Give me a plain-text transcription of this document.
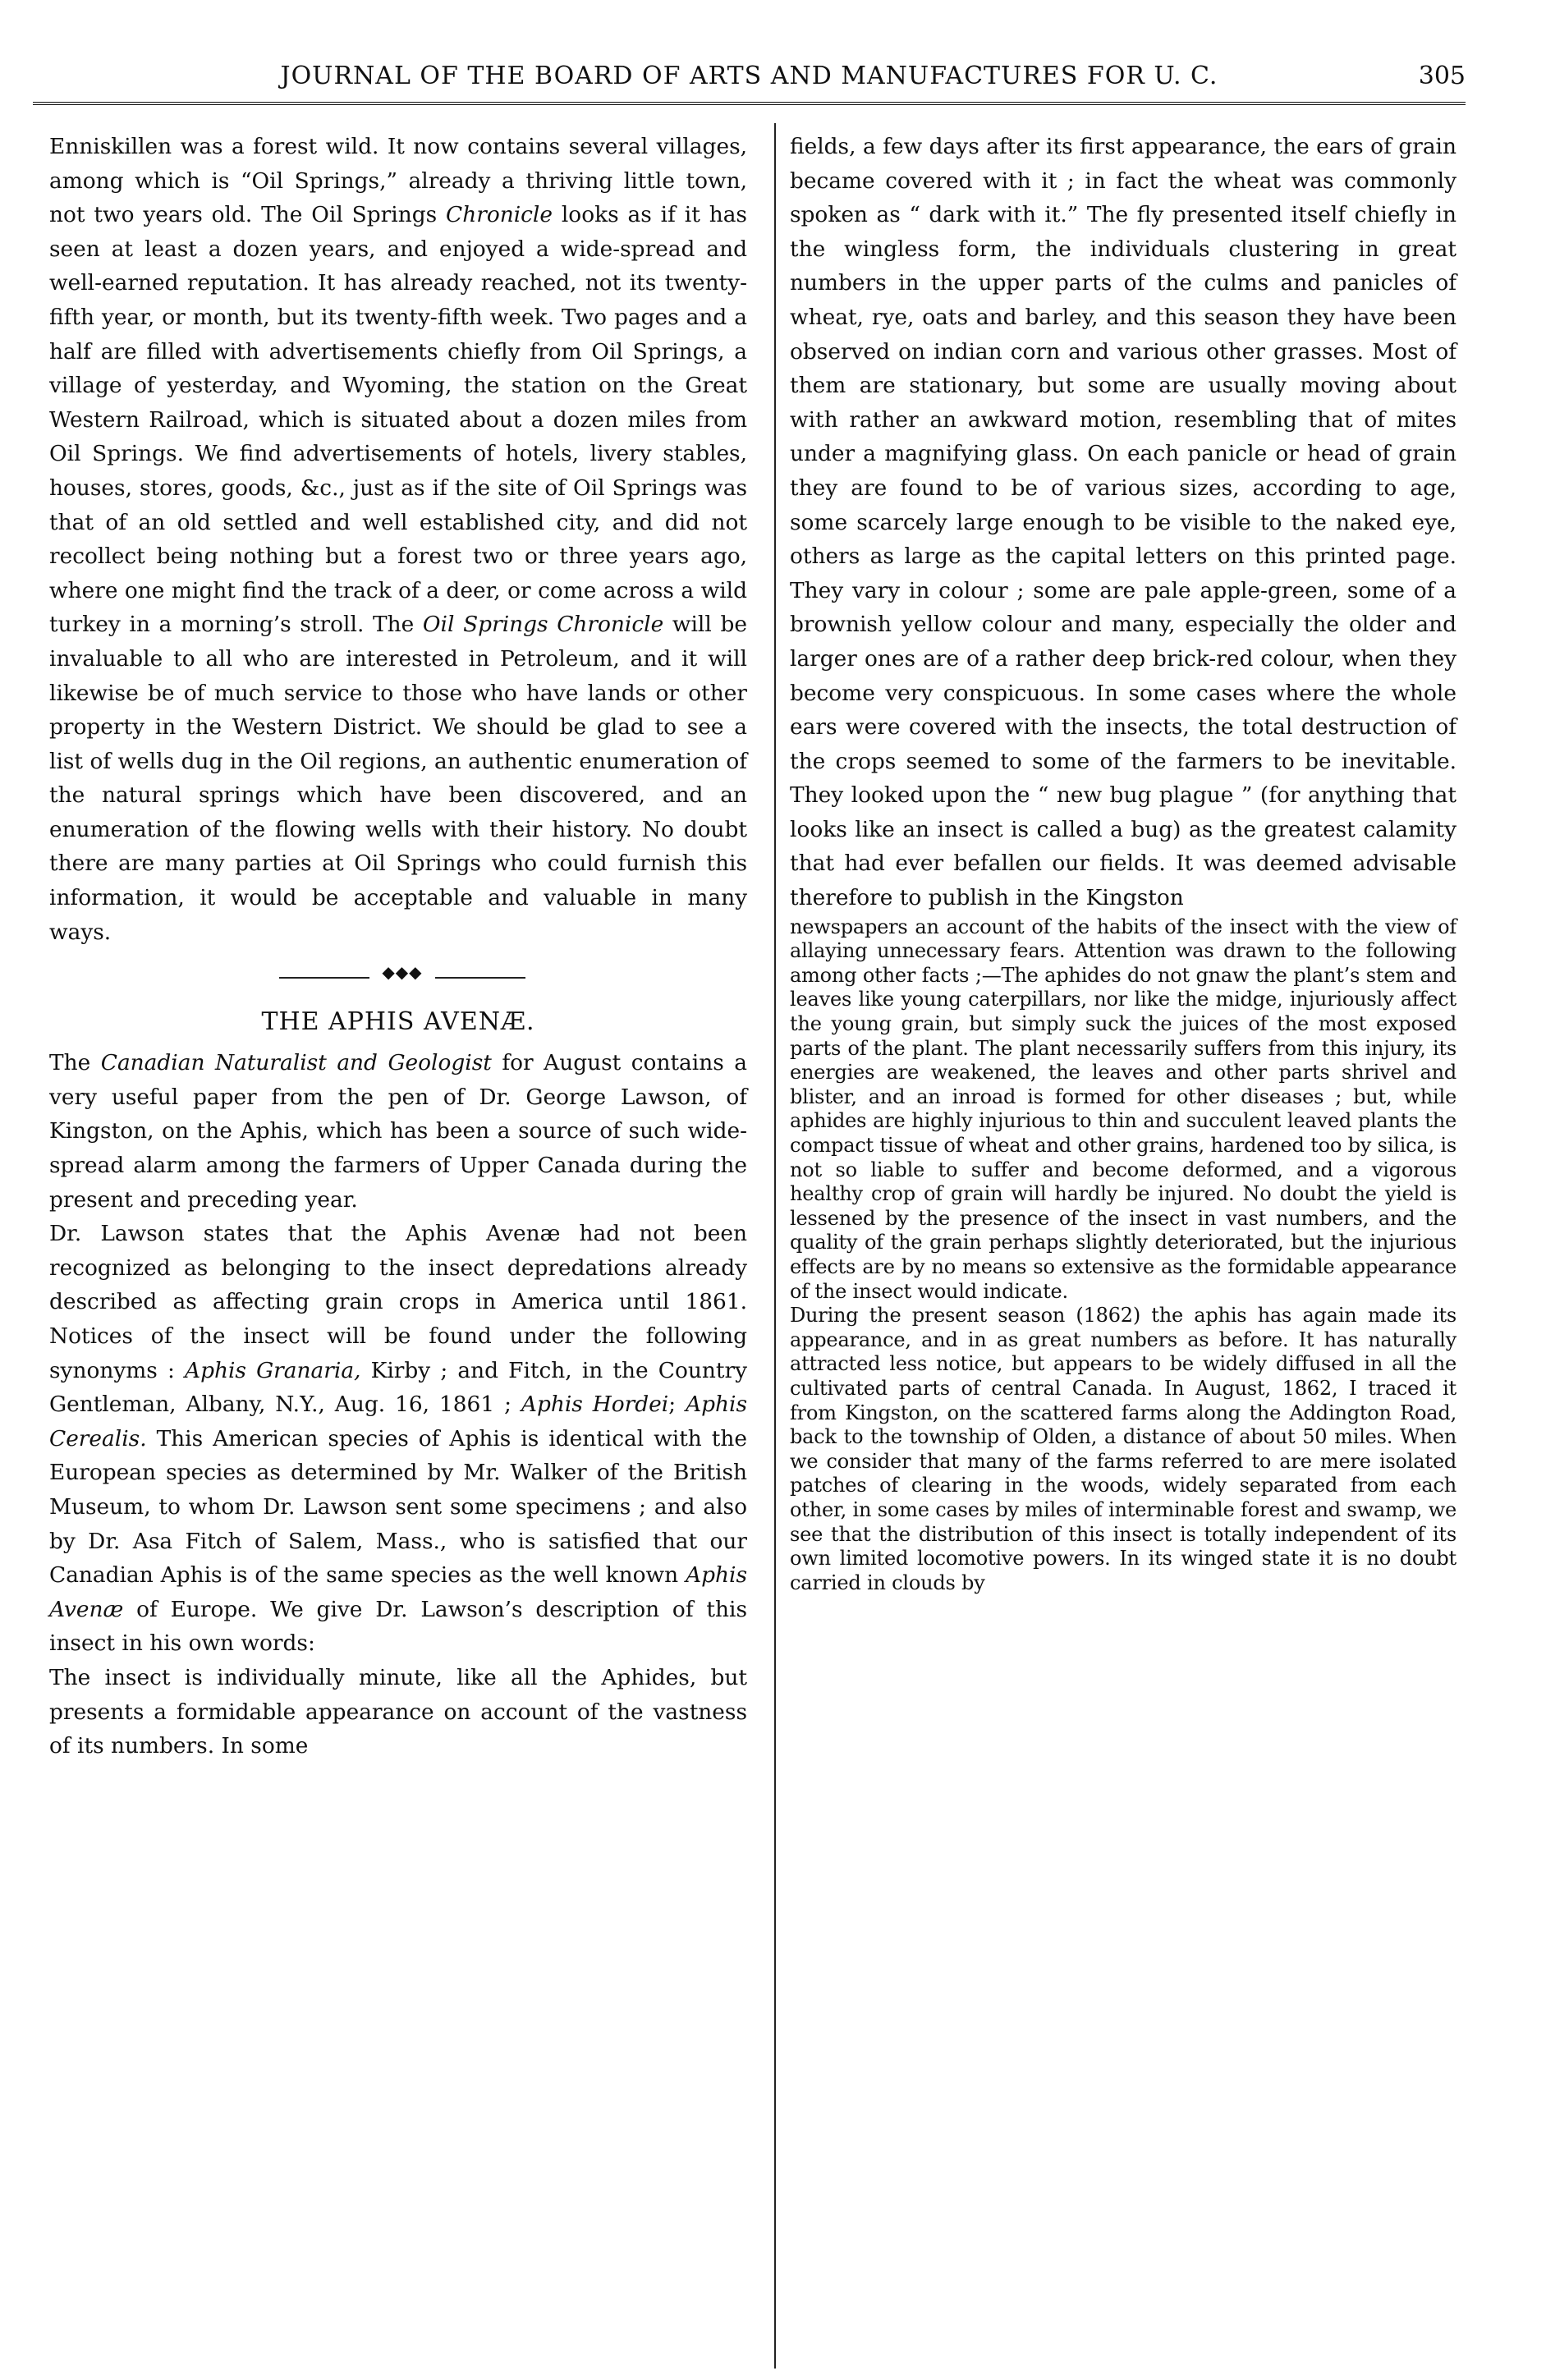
JOURNAL OF THE BOARD OF ARTS AND MANUFACTURES FOR U. C.	305

Enniskillen was a forest wild. It now contains several villages, among which is “Oil Springs,” already a thriving little town, not two years old. The Oil Springs Chronicle looks as if it has seen at least a dozen years, and enjoyed a wide-spread and well-earned reputation. It has already reached, not its twenty-fifth year, or month, but its twenty-fifth week. Two pages and a half are filled with advertisements chiefly from Oil Springs, a village of yesterday, and Wyoming, the station on the Great Western Railroad, which is situated about a dozen miles from Oil Springs. We find advertisements of hotels, livery stables, houses, stores, goods, &c., just as if the site of Oil Springs was that of an old settled and well established city, and did not recollect being nothing but a forest two or three years ago, where one might find the track of a deer, or come across a wild turkey in a morning’s stroll. The Oil Springs Chronicle will be invaluable to all who are interested in Petroleum, and it will likewise be of much service to those who have lands or other property in the Western District. We should be glad to see a list of wells dug in the Oil regions, an authentic enumeration of the natural springs which have been discovered, and an enumeration of the flowing wells with their history. No doubt there are many parties at Oil Springs who could furnish this information, it would be acceptable and valuable in many ways.

◆◆◆
THE APHIS AVENÆ.

The Canadian Naturalist and Geologist for August contains a very useful paper from the pen of Dr. George Lawson, of Kingston, on the Aphis, which has been a source of such wide-spread alarm among the farmers of Upper Canada during the present and preceding year.

Dr. Lawson states that the Aphis Avenæ had not been recognized as belonging to the insect depredations already described as affecting grain crops in America until 1861. Notices of the insect will be found under the following synonyms : Aphis Granaria, Kirby ; and Fitch, in the Country Gentleman, Albany, N.Y., Aug. 16, 1861 ; Aphis Hordei; Aphis Cerealis. This American species of Aphis is identical with the European species as determined by Mr. Walker of the British Museum, to whom Dr. Lawson sent some specimens ; and also by Dr. Asa Fitch of Salem, Mass., who is satisfied that our Canadian Aphis is of the same species as the well known Aphis Avenæ of Europe. We give Dr. Lawson’s description of this insect in his own words:

The insect is individually minute, like all the Aphides, but presents a formidable appearance on account of the vastness of its numbers. In some

fields, a few days after its first appearance, the ears of grain became covered with it ; in fact the wheat was commonly spoken as “ dark with it.” The fly presented itself chiefly in the wingless form, the individuals clustering in great numbers in the upper parts of the culms and panicles of wheat, rye, oats and barley, and this season they have been observed on indian corn and various other grasses. Most of them are stationary, but some are usually moving about with rather an awkward motion, resembling that of mites under a magnifying glass. On each panicle or head of grain they are found to be of various sizes, according to age, some scarcely large enough to be visible to the naked eye, others as large as the capital letters on this printed page. They vary in colour ; some are pale apple-green, some of a brownish yellow colour and many, especially the older and larger ones are of a rather deep brick-red colour, when they become very conspicuous. In some cases where the whole ears were covered with the insects, the total destruction of the crops seemed to some of the farmers to be inevitable. They looked upon the “ new bug plague ” (for anything that looks like an insect is called a bug) as the greatest calamity that had ever befallen our fields. It was deemed advisable therefore to publish in the Kingston

newspapers an account of the habits of the insect with the view of allaying unnecessary fears. Attention was drawn to the following among other facts ;—The aphides do not gnaw the plant’s stem and leaves like young caterpillars, nor like the midge, injuriously affect the young grain, but simply suck the juices of the most exposed parts of the plant. The plant necessarily suffers from this injury, its energies are weakened, the leaves and other parts shrivel and blister, and an inroad is formed for other diseases ; but, while aphides are highly injurious to thin and succulent leaved plants the compact tissue of wheat and other grains, hardened too by silica, is not so liable to suffer and become deformed, and a vigorous healthy crop of grain will hardly be injured. No doubt the yield is lessened by the presence of the insect in vast numbers, and the quality of the grain perhaps slightly deteriorated, but the injurious effects are by no means so extensive as the formidable appearance of the insect would indicate.

During the present season (1862) the aphis has again made its appearance, and in as great numbers as before. It has naturally attracted less notice, but appears to be widely diffused in all the cultivated parts of central Canada. In August, 1862, I traced it from Kingston, on the scattered farms along the Addington Road, back to the township of Olden, a distance of about 50 miles. When we consider that many of the farms referred to are mere isolated patches of clearing in the woods, widely separated from each other, in some cases by miles of interminable forest and swamp, we see that the distribution of this insect is totally independent of its own limited locomotive powers. In its winged state it is no doubt carried in clouds by
